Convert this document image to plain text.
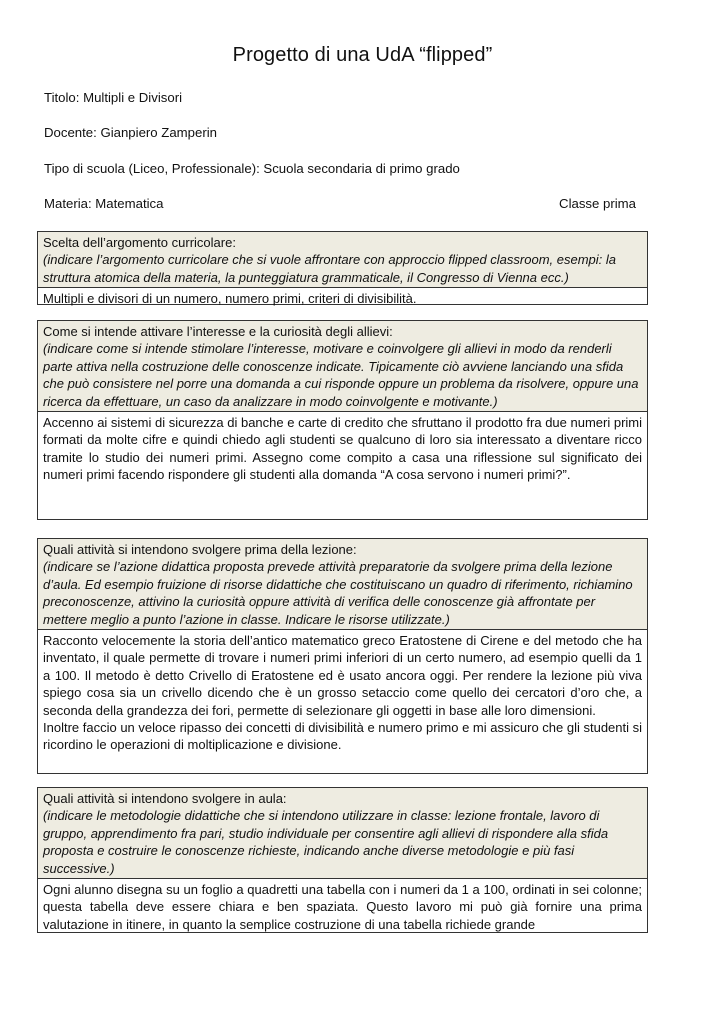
Progetto di una UdA “flipped”
Titolo: Multipli e Divisori
Docente: Gianpiero Zamperin
Tipo di scuola (Liceo, Professionale): Scuola secondaria di primo grado
Materia: Matematica	Classe prima
Scelta dell’argomento curricolare:
(indicare l’argomento curricolare che si vuole affrontare con approccio flipped classroom, esempi: la struttura atomica della materia, la punteggiatura grammaticale, il Congresso di Vienna ecc.)

Multipli e divisori di un numero, numero primi, criteri di divisibilità.

Come si intende attivare l’interesse e la curiosità degli allievi:
(indicare come si intende stimolare l’interesse, motivare e coinvolgere gli allievi in modo da renderli parte attiva nella costruzione delle conoscenze indicate. Tipicamente ciò avviene lanciando una sfida che può consistere nel porre una domanda a cui risponde oppure un problema da risolvere, oppure una ricerca da effettuare, un caso da analizzare in modo coinvolgente e motivante.)

Accenno ai sistemi di sicurezza di banche e carte di credito che sfruttano il prodotto fra due numeri primi formati da molte cifre e quindi chiedo agli studenti se qualcuno di loro sia interessato a diventare ricco tramite lo studio dei numeri primi. Assegno come compito a casa una riflessione sul significato dei numeri primi facendo rispondere gli studenti alla domanda “A cosa servono i numeri primi?”.

Quali attività si intendono svolgere prima della lezione:
(indicare se l’azione didattica proposta prevede attività preparatorie da svolgere prima della lezione d’aula. Ed esempio fruizione di risorse didattiche che costituiscano un quadro di riferimento, richiamino preconoscenze, attivino la curiosità oppure attività di verifica delle conoscenze già affrontate per mettere meglio a punto l’azione in classe. Indicare le risorse utilizzate.)

Racconto velocemente la storia dell’antico matematico greco Eratostene di Cirene e del metodo che ha inventato, il quale permette di trovare i numeri primi inferiori di un certo numero, ad esempio quelli da 1 a 100. Il metodo è detto Crivello di Eratostene ed è usato ancora oggi. Per rendere la lezione più viva spiego cosa sia un crivello dicendo che è un grosso setaccio come quello dei cercatori d’oro che, a seconda della grandezza dei fori, permette di selezionare gli oggetti in base alle loro dimensioni.

Inoltre faccio un veloce ripasso dei concetti di divisibilità e numero primo e mi assicuro che gli studenti si ricordino le operazioni di moltiplicazione e divisione.

Quali attività si intendono svolgere in aula:
(indicare le metodologie didattiche che si intendono utilizzare in classe: lezione frontale, lavoro di gruppo, apprendimento fra pari, studio individuale per consentire agli allievi di rispondere alla sfida proposta e costruire le conoscenze richieste, indicando anche diverse metodologie e più fasi successive.)

Ogni alunno disegna su un foglio a quadretti una tabella con i numeri da 1 a 100, ordinati in sei colonne; questa tabella deve essere chiara e ben spaziata. Questo lavoro mi può già fornire una prima valutazione in itinere, in quanto la semplice costruzione di una tabella richiede grande
